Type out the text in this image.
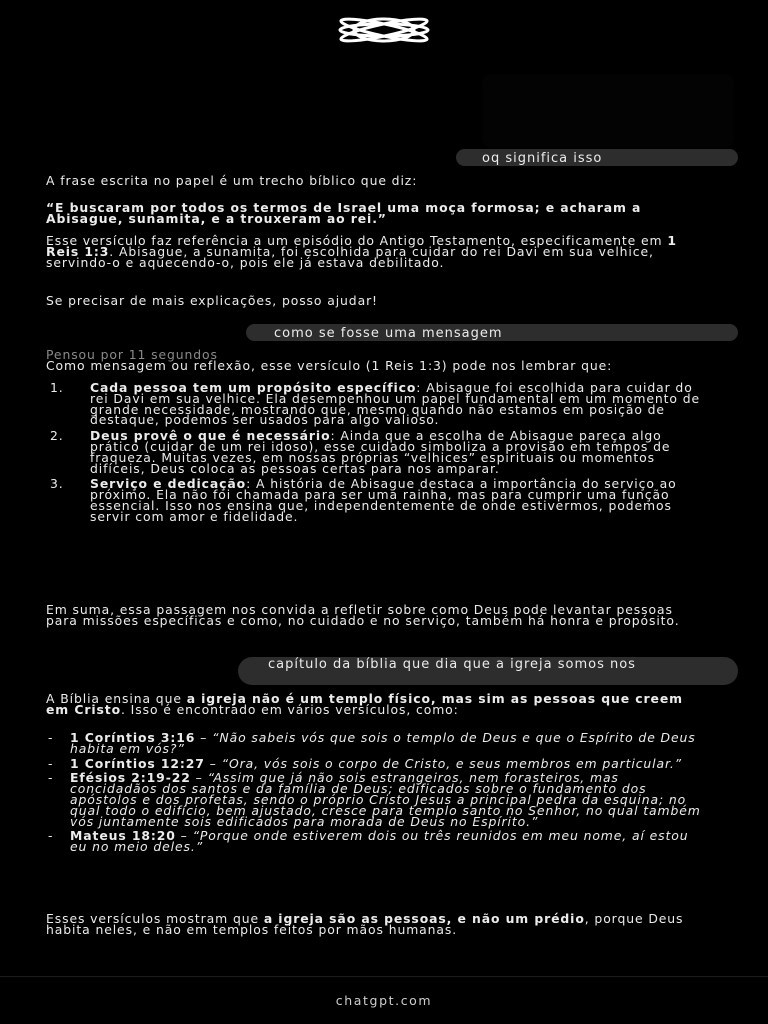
oq significa isso

A frase escrita no papel é um trecho bíblico que diz:

“E buscaram por todos os termos de Israel uma moça formosa; e acharam a Abisague, sunamita, e a trouxeram ao rei.”

Esse versículo faz referência a um episódio do Antigo Testamento, especificamente em 1 Reis 1:3. Abisague, a sunamita, foi escolhida para cuidar do rei Davi em sua velhice, servindo-o e aquecendo-o, pois ele já estava debilitado.

Se precisar de mais explicações, posso ajudar!

como se fosse uma mensagem

Pensou por 11 segundos

Como mensagem ou reflexão, esse versículo (1 Reis 1:3) pode nos lembrar que:

1. Cada pessoa tem um propósito específico: Abisague foi escolhida para cuidar do rei Davi em sua velhice. Ela desempenhou um papel fundamental em um momento de grande necessidade, mostrando que, mesmo quando não estamos em posição de destaque, podemos ser usados para algo valioso.
2. Deus provê o que é necessário: Ainda que a escolha de Abisague pareça algo prático (cuidar de um rei idoso), esse cuidado simboliza a provisão em tempos de fraqueza. Muitas vezes, em nossas próprias “velhices” espirituais ou momentos difíceis, Deus coloca as pessoas certas para nos amparar.
3. Serviço e dedicação: A história de Abisague destaca a importância do serviço ao próximo. Ela não foi chamada para ser uma rainha, mas para cumprir uma função essencial. Isso nos ensina que, independentemente de onde estivermos, podemos servir com amor e fidelidade.

Em suma, essa passagem nos convida a refletir sobre como Deus pode levantar pessoas para missões específicas e como, no cuidado e no serviço, também há honra e propósito.

capítulo da bíblia que dia que a igreja somos nos

A Bíblia ensina que a igreja não é um templo físico, mas sim as pessoas que creem em Cristo. Isso é encontrado em vários versículos, como:

- 1 Coríntios 3:16 – “Não sabeis vós que sois o templo de Deus e que o Espírito de Deus habita em vós?”
- 1 Coríntios 12:27 – “Ora, vós sois o corpo de Cristo, e seus membros em particular.”
- Efésios 2:19-22 – “Assim que já não sois estrangeiros, nem forasteiros, mas concidadãos dos santos e da família de Deus; edificados sobre o fundamento dos apóstolos e dos profetas, sendo o próprio Cristo Jesus a principal pedra da esquina; no qual todo o edifício, bem ajustado, cresce para templo santo no Senhor, no qual também vós juntamente sois edificados para morada de Deus no Espírito.”
- Mateus 18:20 – “Porque onde estiverem dois ou três reunidos em meu nome, aí estou eu no meio deles.”

Esses versículos mostram que a igreja são as pessoas, e não um prédio, porque Deus habita neles, e não em templos feitos por mãos humanas.

chatgpt.com
